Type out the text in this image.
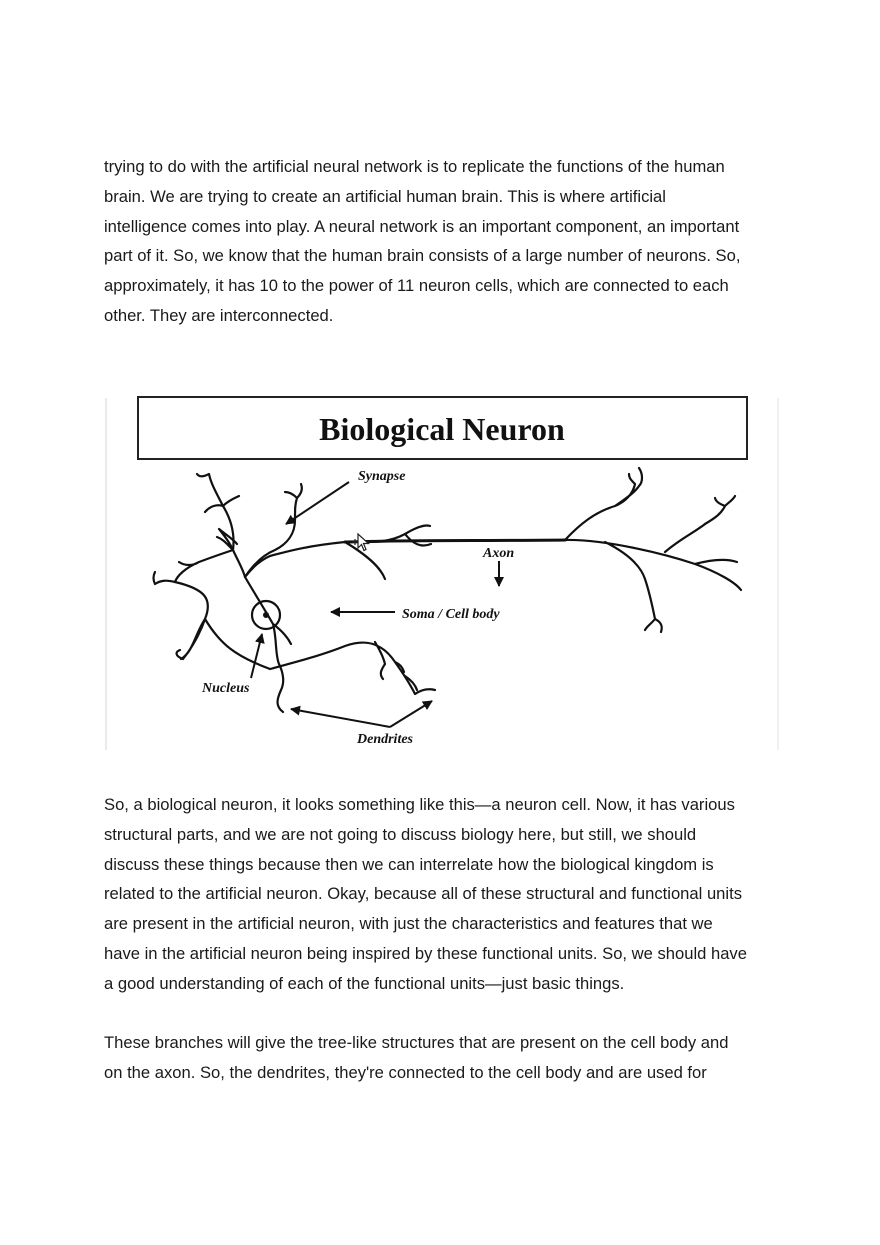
trying to do with the artificial neural network is to replicate the functions of the human
brain. We are trying to create an artificial human brain. This is where artificial
intelligence comes into play. A neural network is an important component, an important
part of it. So, we know that the human brain consists of a large number of neurons. So,
approximately, it has 10 to the power of 11 neuron cells, which are connected to each
other. They are interconnected.
Biological Neuron
Synapse
Axon
Soma / Cell body
Nucleus
Dendrites
So, a biological neuron, it looks something like this—a neuron cell. Now, it has various
structural parts, and we are not going to discuss biology here, but still, we should
discuss these things because then we can interrelate how the biological kingdom is
related to the artificial neuron. Okay, because all of these structural and functional units
are present in the artificial neuron, with just the characteristics and features that we
have in the artificial neuron being inspired by these functional units. So, we should have
a good understanding of each of the functional units—just basic things.
These branches will give the tree-like structures that are present on the cell body and
on the axon. So, the dendrites, they're connected to the cell body and are used for
